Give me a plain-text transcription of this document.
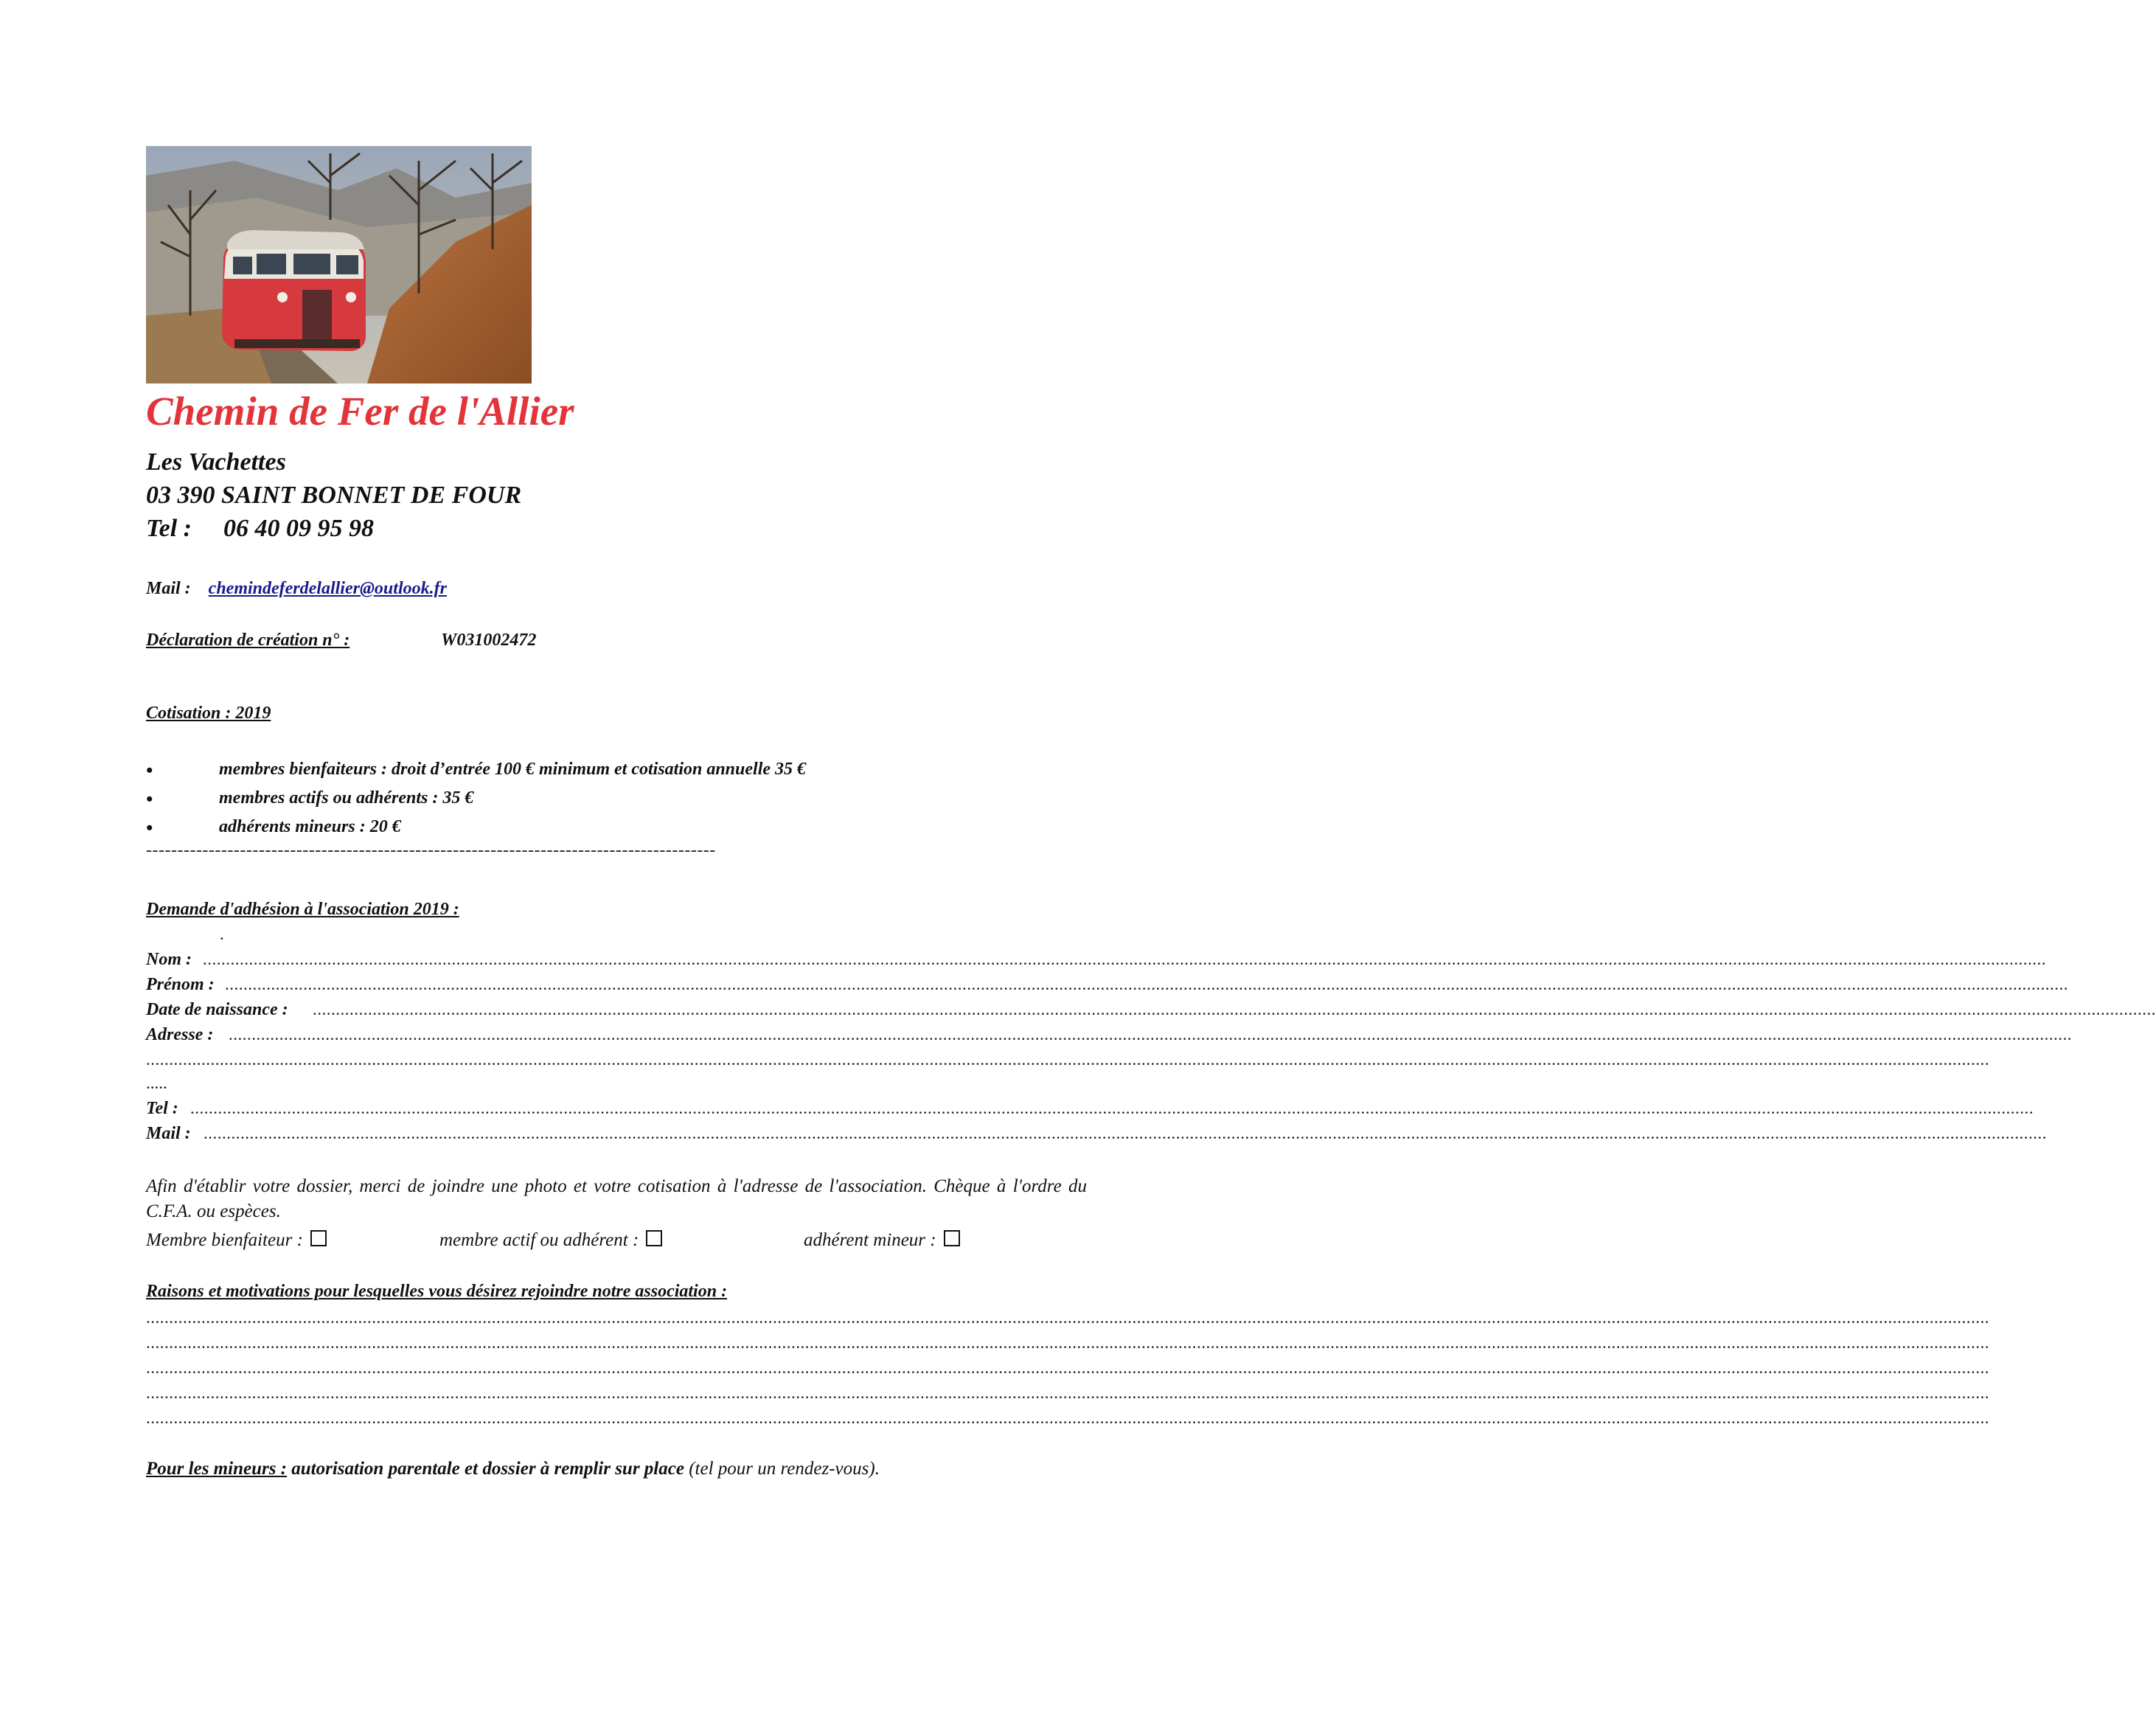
Chemin de Fer de l'Allier
Les Vachettes
03 390 SAINT BONNET DE FOUR
Tel : 06 40 09 95 98
Mail : chemindeferdelallier@outlook.fr
Déclaration de création n° :	W031002472
Cotisation : 2019
•	membres bienfaiteurs : droit d’entrée 100 € minimum et cotisation annuelle 35 €
•	membres actifs ou adhérents : 35 €
•	adhérents mineurs : 20 €
-------------------------------------------------------------------------------------------
Demande d'adhésion à l'association 2019 :
.
Nom : ................................................................................................................................................................................................................................................................................................................................................................................................................
Prénom : ................................................................................................................................................................................................................................................................................................................................................................................................................
Date de naissance : ................................................................................................................................................................................................................................................................................................................................................................................................................
Adresse : ................................................................................................................................................................................................................................................................................................................................................................................................................
................................................................................................................................................................................................................................................................................................................................................................................................................
.....
Tel : ................................................................................................................................................................................................................................................................................................................................................................................................................
Mail : ................................................................................................................................................................................................................................................................................................................................................................................................................
Afin d'établir votre dossier, merci de joindre une photo et votre cotisation à l'adresse de l'association. Chèque à l'ordre du C.F.A. ou espèces.
Membre bienfaiteur :	membre actif ou adhérent :	adhérent mineur :
Raisons et motivations pour lesquelles vous désirez rejoindre notre association :
................................................................................................................................................................................................................................................................................................................................................................................................................
................................................................................................................................................................................................................................................................................................................................................................................................................
................................................................................................................................................................................................................................................................................................................................................................................................................
................................................................................................................................................................................................................................................................................................................................................................................................................
................................................................................................................................................................................................................................................................................................................................................................................................................
Pour les mineurs : autorisation parentale et dossier à remplir sur place (tel pour un rendez-vous).
